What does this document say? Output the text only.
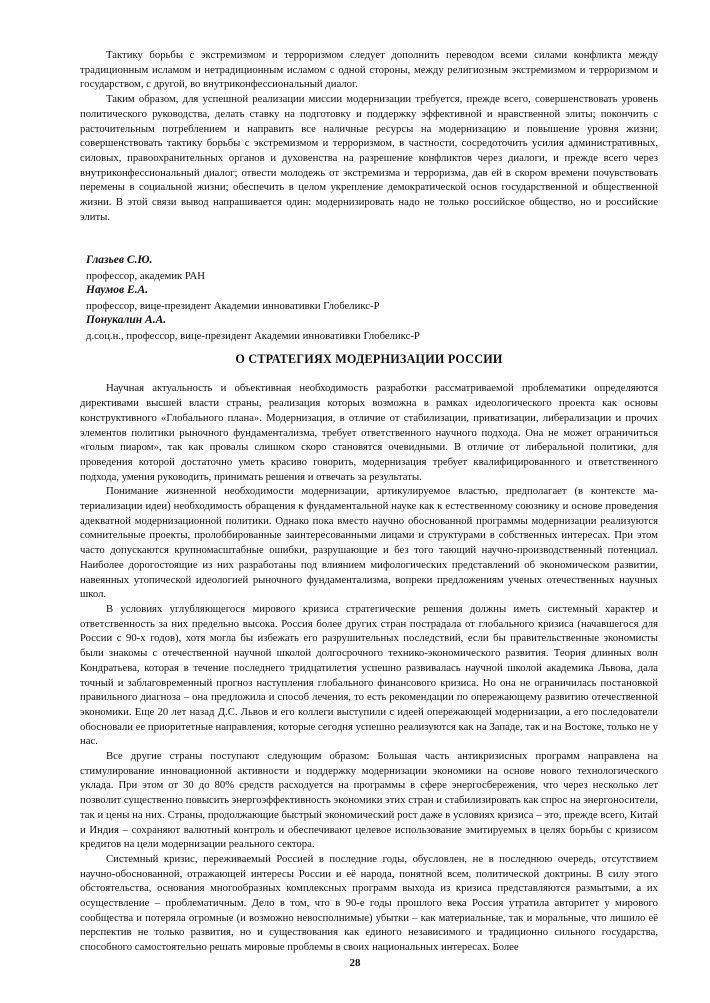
Тактику борьбы с экстремизмом и терроризмом следует дополнить переводом всеми силами конфликта между традиционным исламом и нетрадиционным исламом с одной стороны, между религиозным экстремизмом и терроризмом и государством, с другой, во внутриконфессиональный диалог.

Таким образом, для успешной реализации миссии модернизации требуется, прежде всего, совершенствовать уровень политического руководства, делать ставку на подготовку и поддержку эффективной и нравственной элиты; покончить с расточительным потреблением и направить все наличные ресурсы на модернизацию и повышение уровня жизни; совершенствовать тактику борьбы с экстремизмом и терроризмом, в частности, сосредоточить усилия административных, силовых, правоохранительных органов и духовенства на разрешение конфликтов через диалоги, и прежде всего через внутриконфессиональный диалог; отвести молодежь от экстремизма и терроризма, дав ей в скором времени почувствовать перемены в социальной жизни; обеспечить в целом укрепление демократической основ государственной и общественной жизни. В этой связи вывод напрашивается один: модернизировать надо не только российское общество, но и российские элиты.

Глазьев С.Ю.
профессор, академик РАН
Наумов Е.А.
профессор, вице-президент Академии инновативки Глобеликс-Р
Понукалин А.А.
д.соц.н., профессор, вице-президент Академии инновативки Глобеликс-Р
О СТРАТЕГИЯХ МОДЕРНИЗАЦИИ РОССИИ

Научная актуальность и объективная необходимость разработки рассматриваемой проблематики определяются директивами высшей власти страны, реализация которых возможна в рамках идеологического проекта как основы конструктивного «Глобального плана». Модернизация, в отличие от стабилизации, приватизации, либерализации и прочих элементов политики рыночного фундаментализма, требует ответственного научного подхода. Она не может ограничиться «голым пиаром», так как провалы слишком скоро становятся очевидными. В отличие от либеральной политики, для проведения которой достаточно уметь красиво говорить, модернизация требует квалифицированного и ответственного подхода, умения руководить, принимать решения и отвечать за результаты.

Понимание жизненной необходимости модернизации, артикулируемое властью, предполагает (в контексте материализации идеи) необходимость обращения к фундаментальной науке как к естественному союзнику и основе проведения адекватной модернизационной политики. Однако пока вместо научно обоснованной программы модернизации реализуются сомнительные проекты, пролоббированные заинтересованными лицами и структурами в собственных интересах. При этом часто допускаются крупномасштабные ошибки, разрушающие и без того тающий научно-производственный потенциал. Наиболее дорогостоящие из них разработаны под влиянием мифологических представлений об экономическом развитии, навеянных утопической идеологией рыночного фундаментализма, вопреки предложениям ученых отечественных научных школ.

В условиях углубляющегося мирового кризиса стратегические решения должны иметь системный характер и ответственность за них предельно высока. Россия более других стран пострадала от глобального кризиса (начавшегося для России с 90-х годов), хотя могла бы избежать его разрушительных последствий, если бы правительственные экономисты были знакомы с отечественной научной школой долгосрочного технико-экономического развития. Теория длинных волн Кондратьева, которая в течение последнего тридцатилетия успешно развивалась научной школой академика Львова, дала точный и заблаговременный прогноз наступления глобального финансового кризиса. Но она не ограничилась постановкой правильного диагноза – она предложила и способ лечения, то есть рекомендации по опережающему развитию отечественной экономики. Еще 20 лет назад Д.С. Львов и его коллеги выступили с идеей опережающей модернизации, а его последователи обосновали ее приоритетные направления, которые сегодня успешно реализуются как на Западе, так и на Востоке, только не у нас.

Все другие страны поступают следующим образом: Большая часть антикризисных программ направлена на стимулирование инновационной активности и поддержку модернизации экономики на основе нового технологического уклада. При этом от 30 до 80% средств расходуется на программы в сфере энергосбережения, что через несколько лет позволит существенно повысить энергоэффективность экономики этих стран и стабилизировать как спрос на энергоносители, так и цены на них. Страны, продолжающие быстрый экономический рост даже в условиях кризиса – это, прежде всего, Китай и Индия – сохраняют валютный контроль и обеспечивают целевое использование эмитируемых в целях борьбы с кризисом кредитов на цели модернизации реального сектора.

Системный кризис, переживаемый Россией в последние годы, обусловлен, не в последнюю очередь, отсутствием научно-обоснованной, отражающей интересы России и её народа, понятной всем, политической доктрины. В силу этого обстоятельства, основания многообразных комплексных программ выхода из кризиса представляются размытыми, а их осуществление – проблематичным. Дело в том, что в 90-е годы прошлого века Россия утратила авторитет у мирового сообщества и потеряла огромные (и возможно невосполнимые) убытки – как материальные, так и моральные, что лишило её перспектив не только развития, но и существования как единого независимого и традиционно сильного государства, способного самостоятельно решать мировые проблемы в своих национальных интересах. Более

28
